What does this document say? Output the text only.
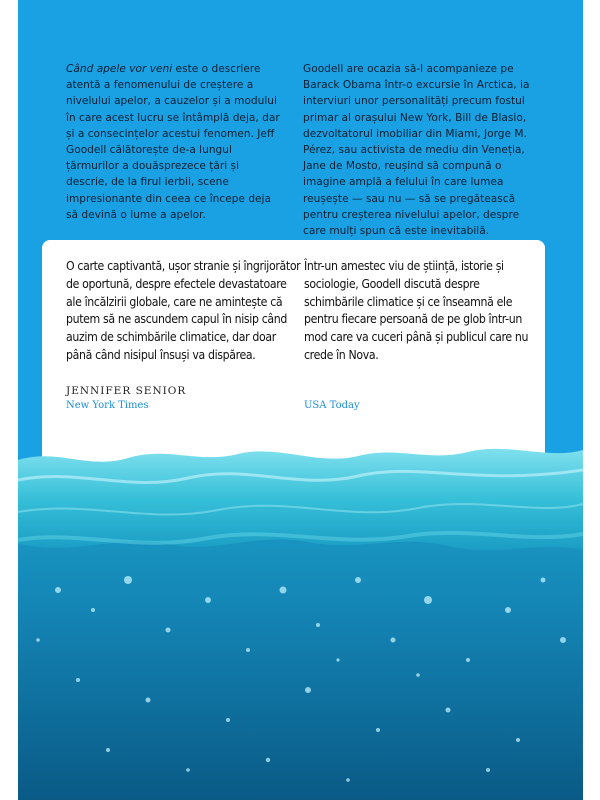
Când apele vor veni este o descriere atentă a fenomenului de creștere a nivelului apelor, a cauzelor și a modului în care acest lucru se întâmplă deja, dar și a consecințelor acestui fenomen. Jeff Goodell călătorește de-a lungul țărmurilor a douăsprezece țări și descrie, de la firul ierbii, scene impresionante din ceea ce începe deja să devină o lume a apelor.

Goodell are ocazia să-l acompanieze pe Barack Obama într-o excursie în Arctica, ia interviuri unor personalități precum fostul primar al orașului New York, Bill de Blasio, dezvoltatorul imobiliar din Miami, Jorge M. Pérez, sau activista de mediu din Veneția, Jane de Mosto, reușind să compună o imagine amplă a felului în care lumea reușește — sau nu — să se pregătească pentru creșterea nivelului apelor, despre care mulți spun că este inevitabilă.

O carte captivantă, ușor stranie și îngrijorător de oportună, despre efectele devastatoare ale încălzirii globale, care ne amintește că putem să ne ascundem capul în nisip când auzim de schimbările climatice, dar doar până când nisipul însuși va dispărea.

JENNIFER SENIOR

New York Times

Într-un amestec viu de știință, istorie și sociologie, Goodell discută despre schimbările climatice și ce înseamnă ele pentru fiecare persoană de pe glob într-un mod care va cuceri până și publicul care nu crede în Nova.

USA Today
